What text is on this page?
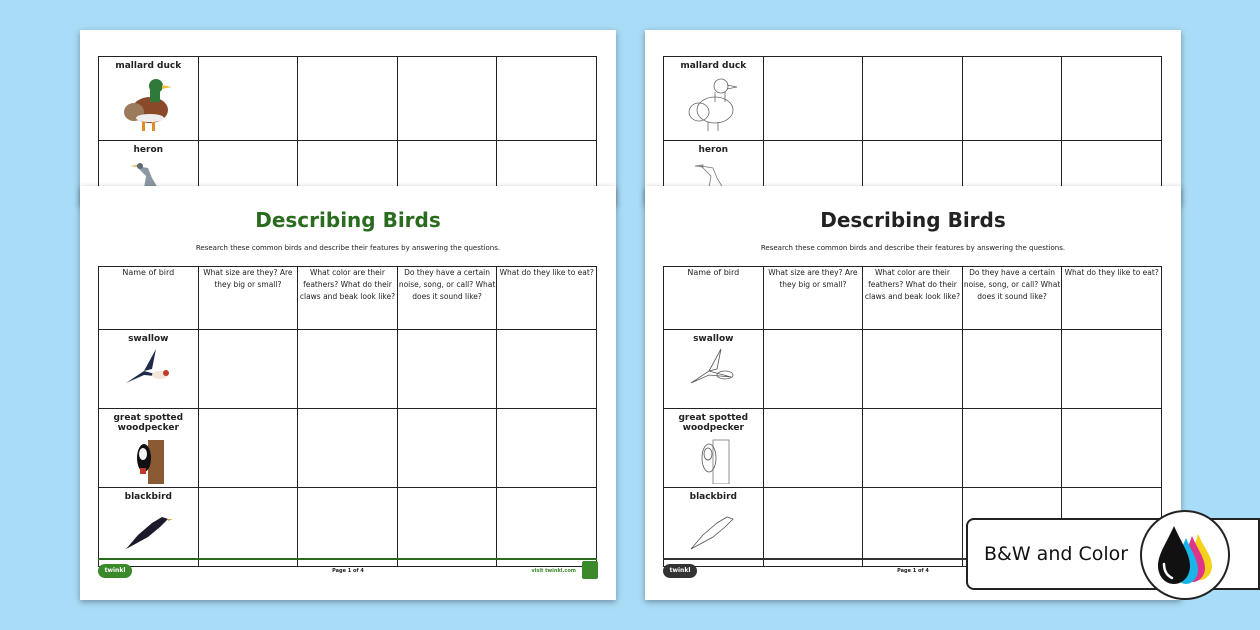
mallard duck				

heron				

mallard duck				

heron				

Describing Birds
Research these common birds and describe their features by answering the questions.
Name of bird	What size are they? Are they big or small?	What color are their feathers? What do their claws and beak look like?	Do they have a certain noise, song, or call? What does it sound like?	What do they like to eat?

swallow				

great spotted woodpecker				

blackbird				

twinkl	Page 1 of 4	visit twinkl.com
Describing Birds
Research these common birds and describe their features by answering the questions.
Name of bird	What size are they? Are they big or small?	What color are their feathers? What do their claws and beak look like?	Do they have a certain noise, song, or call? What does it sound like?	What do they like to eat?

swallow				

great spotted woodpecker				

blackbird				

twinkl	Page 1 of 4
B&W and Color
